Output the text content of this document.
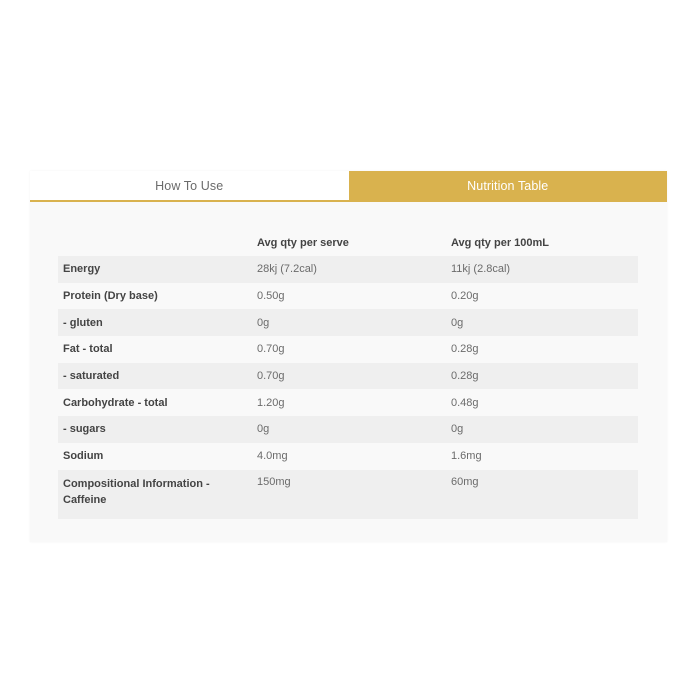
How To Use	Nutrition Table
	Avg qty per serve	Avg qty per 100mL
Energy	28kj (7.2cal)	11kj (2.8cal)
Protein (Dry base)	0.50g	0.20g
- gluten	0g	0g
Fat - total	0.70g	0.28g
- saturated	0.70g	0.28g
Carbohydrate - total	1.20g	0.48g
- sugars	0g	0g
Sodium	4.0mg	1.6mg
Compositional Information - Caffeine	150mg	60mg
